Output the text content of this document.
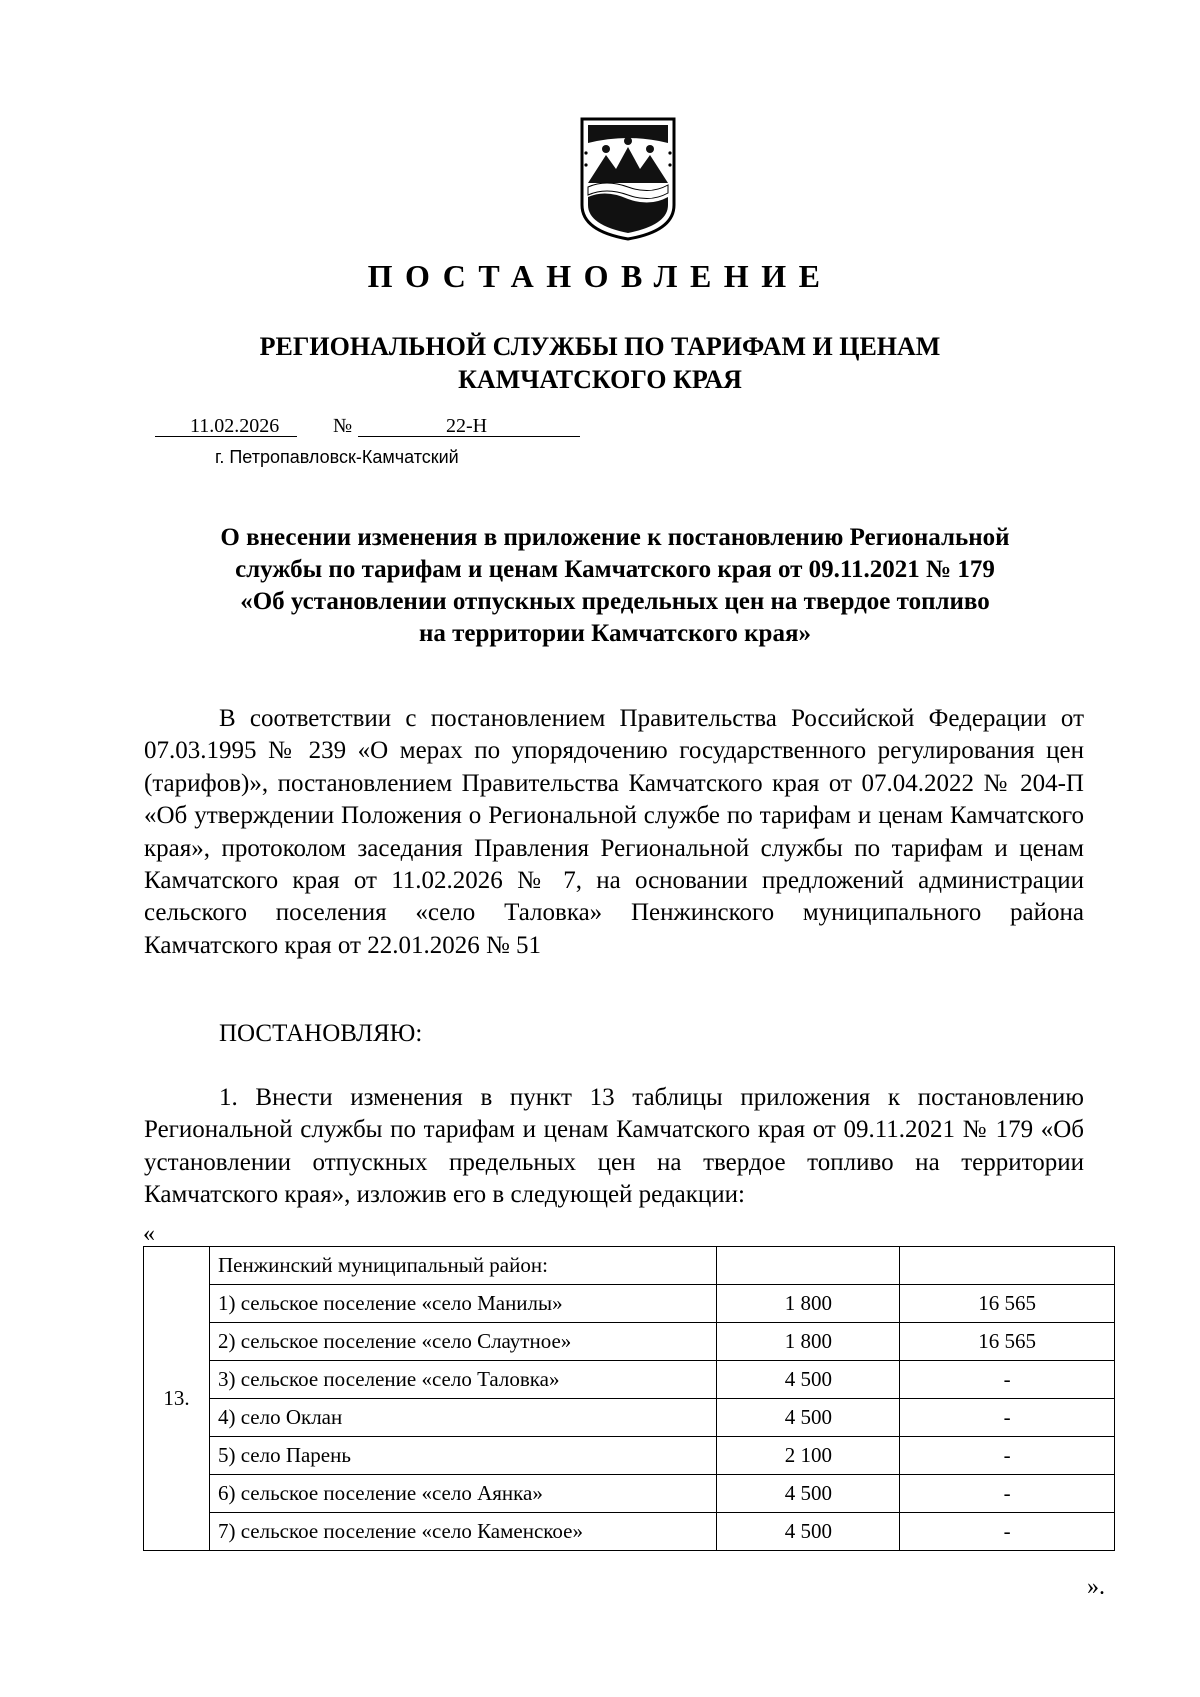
ПОСТАНОВЛЕНИЕ
РЕГИОНАЛЬНОЙ СЛУЖБЫ ПО ТАРИФАМ И ЦЕНАМ
КАМЧАТСКОГО КРАЯ
11.02.2026	№	22-Н
г. Петропавловск-Камчатский
О внесении изменения в приложение к постановлению Региональной
службы по тарифам и ценам Камчатского края от 09.11.2021 № 179
«Об установлении отпускных предельных цен на твердое топливо
на территории Камчатского края»

В соответствии с постановлением Правительства Российской Федерации от 07.03.1995 № 239 «О мерах по упорядочению государственного регулирования цен (тарифов)», постановлением Правительства Камчатского края от 07.04.2022 № 204-П «Об утверждении Положения о Региональной службе по тарифам и ценам Камчатского края», протоколом заседания Правления Региональной службы по тарифам и ценам Камчатского края от 11.02.2026 № 7, на основании предложений администрации сельского поселения «село Таловка» Пенжинского муниципального района Камчатского края от 22.01.2026 № 51

ПОСТАНОВЛЯЮ:

1. Внести изменения в пункт 13 таблицы приложения к постановлению Региональной службы по тарифам и ценам Камчатского края от 09.11.2021 № 179 «Об установлении отпускных предельных цен на твердое топливо на территории Камчатского края», изложив его в следующей редакции:

«
13.	Пенжинский муниципальный район:		
	1) сельское поселение «село Манилы»	1 800	16 565
	2) сельское поселение «село Слаутное»	1 800	16 565
	3) сельское поселение «село Таловка»	4 500	-
	4) село Оклан	4 500	-
	5) село Парень	2 100	-
	6) сельское поселение «село Аянка»	4 500	-
	7) сельское поселение «село Каменское»	4 500	-
».
